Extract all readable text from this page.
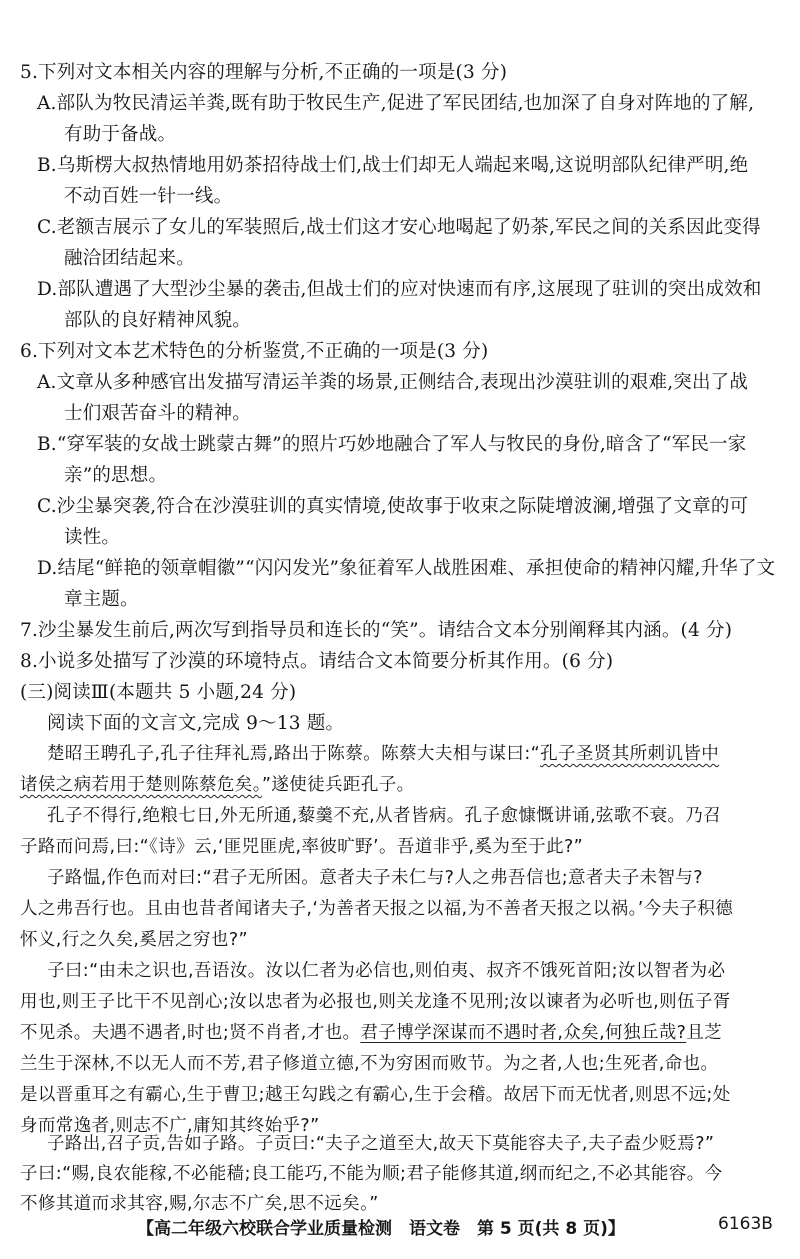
5.下列对文本相关内容的理解与分析,不正确的一项是(3 分)
A.部队为牧民清运羊粪,既有助于牧民生产,促进了军民团结,也加深了自身对阵地的了解,
有助于备战。
B.乌斯楞大叔热情地用奶茶招待战士们,战士们却无人端起来喝,这说明部队纪律严明,绝
不动百姓一针一线。
C.老额吉展示了女儿的军装照后,战士们这才安心地喝起了奶茶,军民之间的关系因此变得
融洽团结起来。
D.部队遭遇了大型沙尘暴的袭击,但战士们的应对快速而有序,这展现了驻训的突出成效和
部队的良好精神风貌。
6.下列对文本艺术特色的分析鉴赏,不正确的一项是(3 分)
A.文章从多种感官出发描写清运羊粪的场景,正侧结合,表现出沙漠驻训的艰难,突出了战
士们艰苦奋斗的精神。
B.“穿军装的女战士跳蒙古舞”的照片巧妙地融合了军人与牧民的身份,暗含了“军民一家
亲”的思想。
C.沙尘暴突袭,符合在沙漠驻训的真实情境,使故事于收束之际陡增波澜,增强了文章的可
读性。
D.结尾“鲜艳的领章帽徽”“闪闪发光”象征着军人战胜困难、承担使命的精神闪耀,升华了文
章主题。
7.沙尘暴发生前后,两次写到指导员和连长的“笑”。请结合文本分别阐释其内涵。(4 分)
8.小说多处描写了沙漠的环境特点。请结合文本简要分析其作用。(6 分)
(三)阅读Ⅲ(本题共 5 小题,24 分)
阅读下面的文言文,完成 9～13 题。
楚昭王聘孔子,孔子往拜礼焉,路出于陈蔡。陈蔡大夫相与谋曰:“孔子圣贤其所刺讥皆中
诸侯之病若用于楚则陈蔡危矣。”遂使徒兵距孔子。
孔子不得行,绝粮七日,外无所通,藜羹不充,从者皆病。孔子愈慷慨讲诵,弦歌不衰。乃召
子路而问焉,曰:“《诗》云,‘匪兕匪虎,率彼旷野’。吾道非乎,奚为至于此?”
子路愠,作色而对曰:“君子无所困。意者夫子未仁与?人之弗吾信也;意者夫子未智与?
人之弗吾行也。且由也昔者闻诸夫子,‘为善者天报之以福,为不善者天报之以祸。’今夫子积德
怀义,行之久矣,奚居之穷也?”
子曰:“由未之识也,吾语汝。汝以仁者为必信也,则伯夷、叔齐不饿死首阳;汝以智者为必
用也,则王子比干不见剖心;汝以忠者为必报也,则关龙逢不见刑;汝以谏者为必听也,则伍子胥
不见杀。夫遇不遇者,时也;贤不肖者,才也。君子博学深谋而不遇时者,众矣,何独丘哉?且芝
兰生于深林,不以无人而不芳,君子修道立德,不为穷困而败节。为之者,人也;生死者,命也。
是以晋重耳之有霸心,生于曹卫;越王勾践之有霸心,生于会稽。故居下而无忧者,则思不远;处
身而常逸者,则志不广,庸知其终始乎?”
子路出,召子贡,告如子路。子贡曰:“夫子之道至大,故天下莫能容夫子,夫子盍少贬焉?”
子曰:“赐,良农能稼,不必能穑;良工能巧,不能为顺;君子能修其道,纲而纪之,不必其能容。今
【高二年级六校联合学业质量检测　语文卷　第 5 页(共 8 页)】	6163B
不修其道而求其容,赐,尔志不广矣,思不远矣。”
